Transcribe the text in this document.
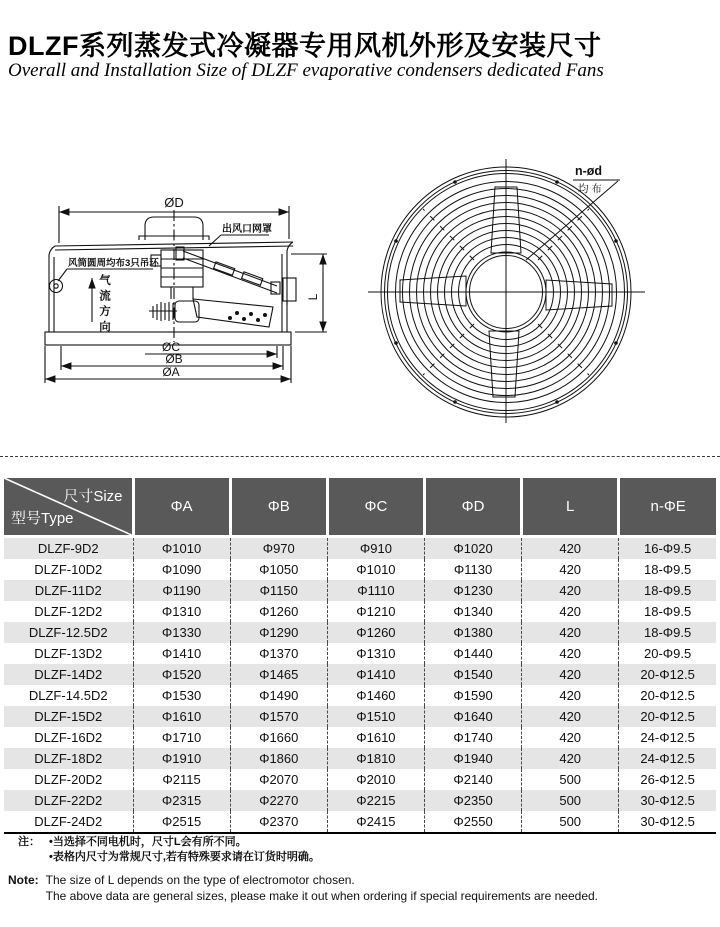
DLZF系列蒸发式冷凝器专用风机外形及安装尺寸

Overall and Installation Size of DLZF evaporative condensers dedicated Fans

ØD
出风口网罩
风筒圆周均布3只吊环
ØC
ØB
ØA
L
气流方向
n-ød
均 布
尺寸Size
型号Type	ΦA	ΦB	ΦC	ΦD	L	n-ΦE
DLZF-9D2	Φ1010	Φ970	Φ910	Φ1020	420	16-Φ9.5
DLZF-10D2	Φ1090	Φ1050	Φ1010	Φ1130	420	18-Φ9.5
DLZF-11D2	Φ1190	Φ1150	Φ1110	Φ1230	420	18-Φ9.5
DLZF-12D2	Φ1310	Φ1260	Φ1210	Φ1340	420	18-Φ9.5
DLZF-12.5D2	Φ1330	Φ1290	Φ1260	Φ1380	420	18-Φ9.5
DLZF-13D2	Φ1410	Φ1370	Φ1310	Φ1440	420	20-Φ9.5
DLZF-14D2	Φ1520	Φ1465	Φ1410	Φ1540	420	20-Φ12.5
DLZF-14.5D2	Φ1530	Φ1490	Φ1460	Φ1590	420	20-Φ12.5
DLZF-15D2	Φ1610	Φ1570	Φ1510	Φ1640	420	20-Φ12.5
DLZF-16D2	Φ1710	Φ1660	Φ1610	Φ1740	420	24-Φ12.5
DLZF-18D2	Φ1910	Φ1860	Φ1810	Φ1940	420	24-Φ12.5
DLZF-20D2	Φ2115	Φ2070	Φ2010	Φ2140	500	26-Φ12.5
DLZF-22D2	Φ2315	Φ2270	Φ2215	Φ2350	500	30-Φ12.5
DLZF-24D2	Φ2515	Φ2370	Φ2415	Φ2550	500	30-Φ12.5
注： •当选择不同电机时，尺寸L会有所不同。
•表格内尺寸为常规尺寸,若有特殊要求请在订货时明确。
Note: The size of L depends on the type of electromotor chosen.
The above data are general sizes, please make it out when ordering if special requirements are needed.
